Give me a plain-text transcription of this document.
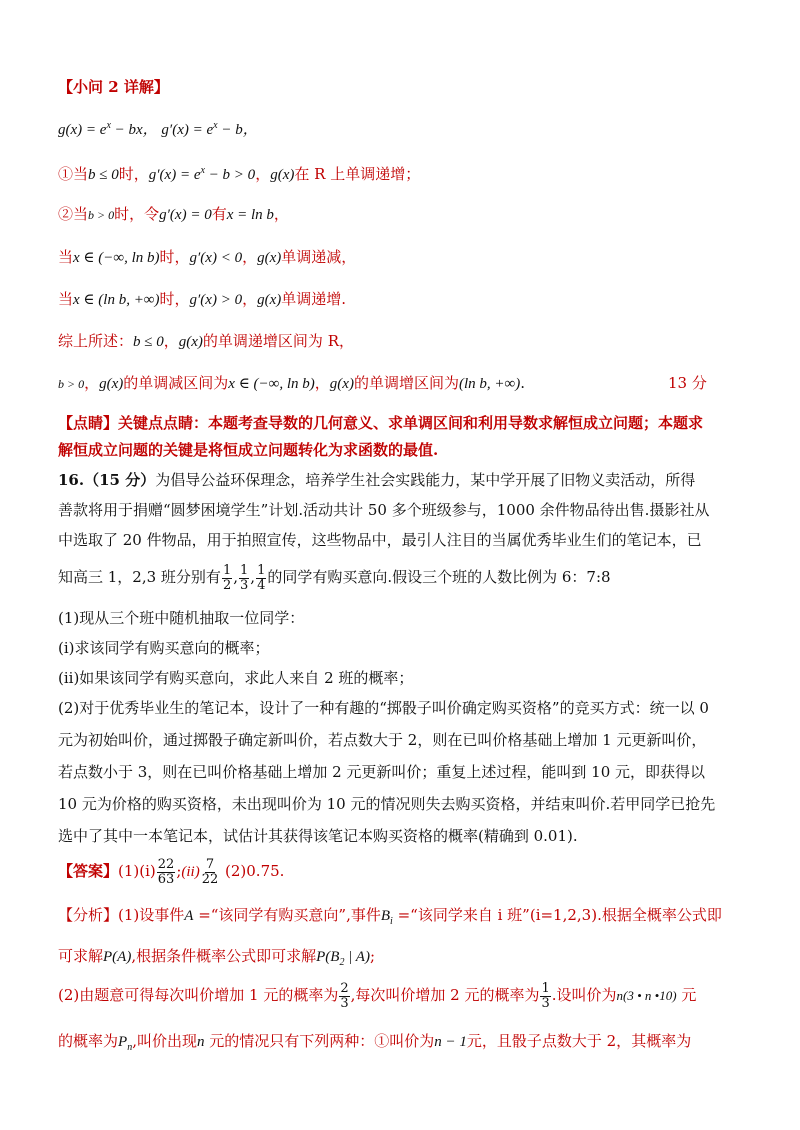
【小问 2 详解】
$g(x) = e^x$ − bx， $g'(x) = e^x - b$，
①当b ≤ 0时，$g'(x) = e^x - b > 0$，g(x)在 R 上单调递增；
②当b > 0时，令g′(x) = 0有x = ln b，
当x ∈ (−∞, ln b)时，g′(x) < 0，g(x)单调递减，
当x ∈ (ln b, +∞)时，g′(x) > 0，g(x)单调递增.
综上所述：b ≤ 0，g(x)的单调递增区间为 R，
b > 0，g(x)的单调减区间为x ∈ (−∞, ln b)，g(x)的单调增区间为(ln b, +∞).	13 分
【点睛】关键点点睛：本题考查导数的几何意义、求单调区间和利用导数求解恒成立问题；本题求
解恒成立问题的关键是将恒成立问题转化为求函数的最值.
16.（15 分）为倡导公益环保理念，培养学生社会实践能力，某中学开展了旧物义卖活动，所得
善款将用于捐赠“圆梦困境学生”计划.活动共计 50 多个班级参与，1000 余件物品待出售.摄影社从
中选取了 20 件物品，用于拍照宣传，这些物品中，最引人注目的当属优秀毕业生们的笔记本，已
知高三 1，2,3 班分别有 $\frac{1}{2}$ , $\frac{1}{3}$ , $\frac{1}{4}$ 的同学有购买意向.假设三个班的人数比例为 6：7:8
(1)现从三个班中随机抽取一位同学：
(i)求该同学有购买意向的概率；
(ii)如果该同学有购买意向，求此人来自 2 班的概率；
(2)对于优秀毕业生的笔记本，设计了一种有趣的“掷骰子叫价确定购买资格”的竞买方式：统一以 0
元为初始叫价，通过掷骰子确定新叫价，若点数大于 2，则在已叫价格基础上增加 1 元更新叫价，
若点数小于 3，则在已叫价格基础上增加 2 元更新叫价；重复上述过程，能叫到 10 元，即获得以
10 元为价格的购买资格，未出现叫价为 10 元的情况则失去购买资格，并结束叫价.若甲同学已抢先
选中了其中一本笔记本，试估计其获得该笔记本购买资格的概率(精确到 0.01).
【答案】$(1)(i) \frac{22}{63}$ ;(ii) $\frac{7}{22} (2)0.75$.
【分析】(1)设事件A =“该同学有购买意向”,事件$B_i$ =“该同学来自 i 班”(i=1,2,3).根据全概率公式即
可求解P(A),根据条件概率公式即可求解$P(B_2$ | A);
(2)由题意可得每次叫价增加 1 元的概率为 $\frac{2}{3}$ ,每次叫价增加 2 元的概率为 $\frac{1}{3}$ .设叫价为n(3 • n •10) 元
的概率为$P_n$,叫价出现n 元的情况只有下列两种：①叫价为n − 1元，且骰子点数大于 2，其概率为
